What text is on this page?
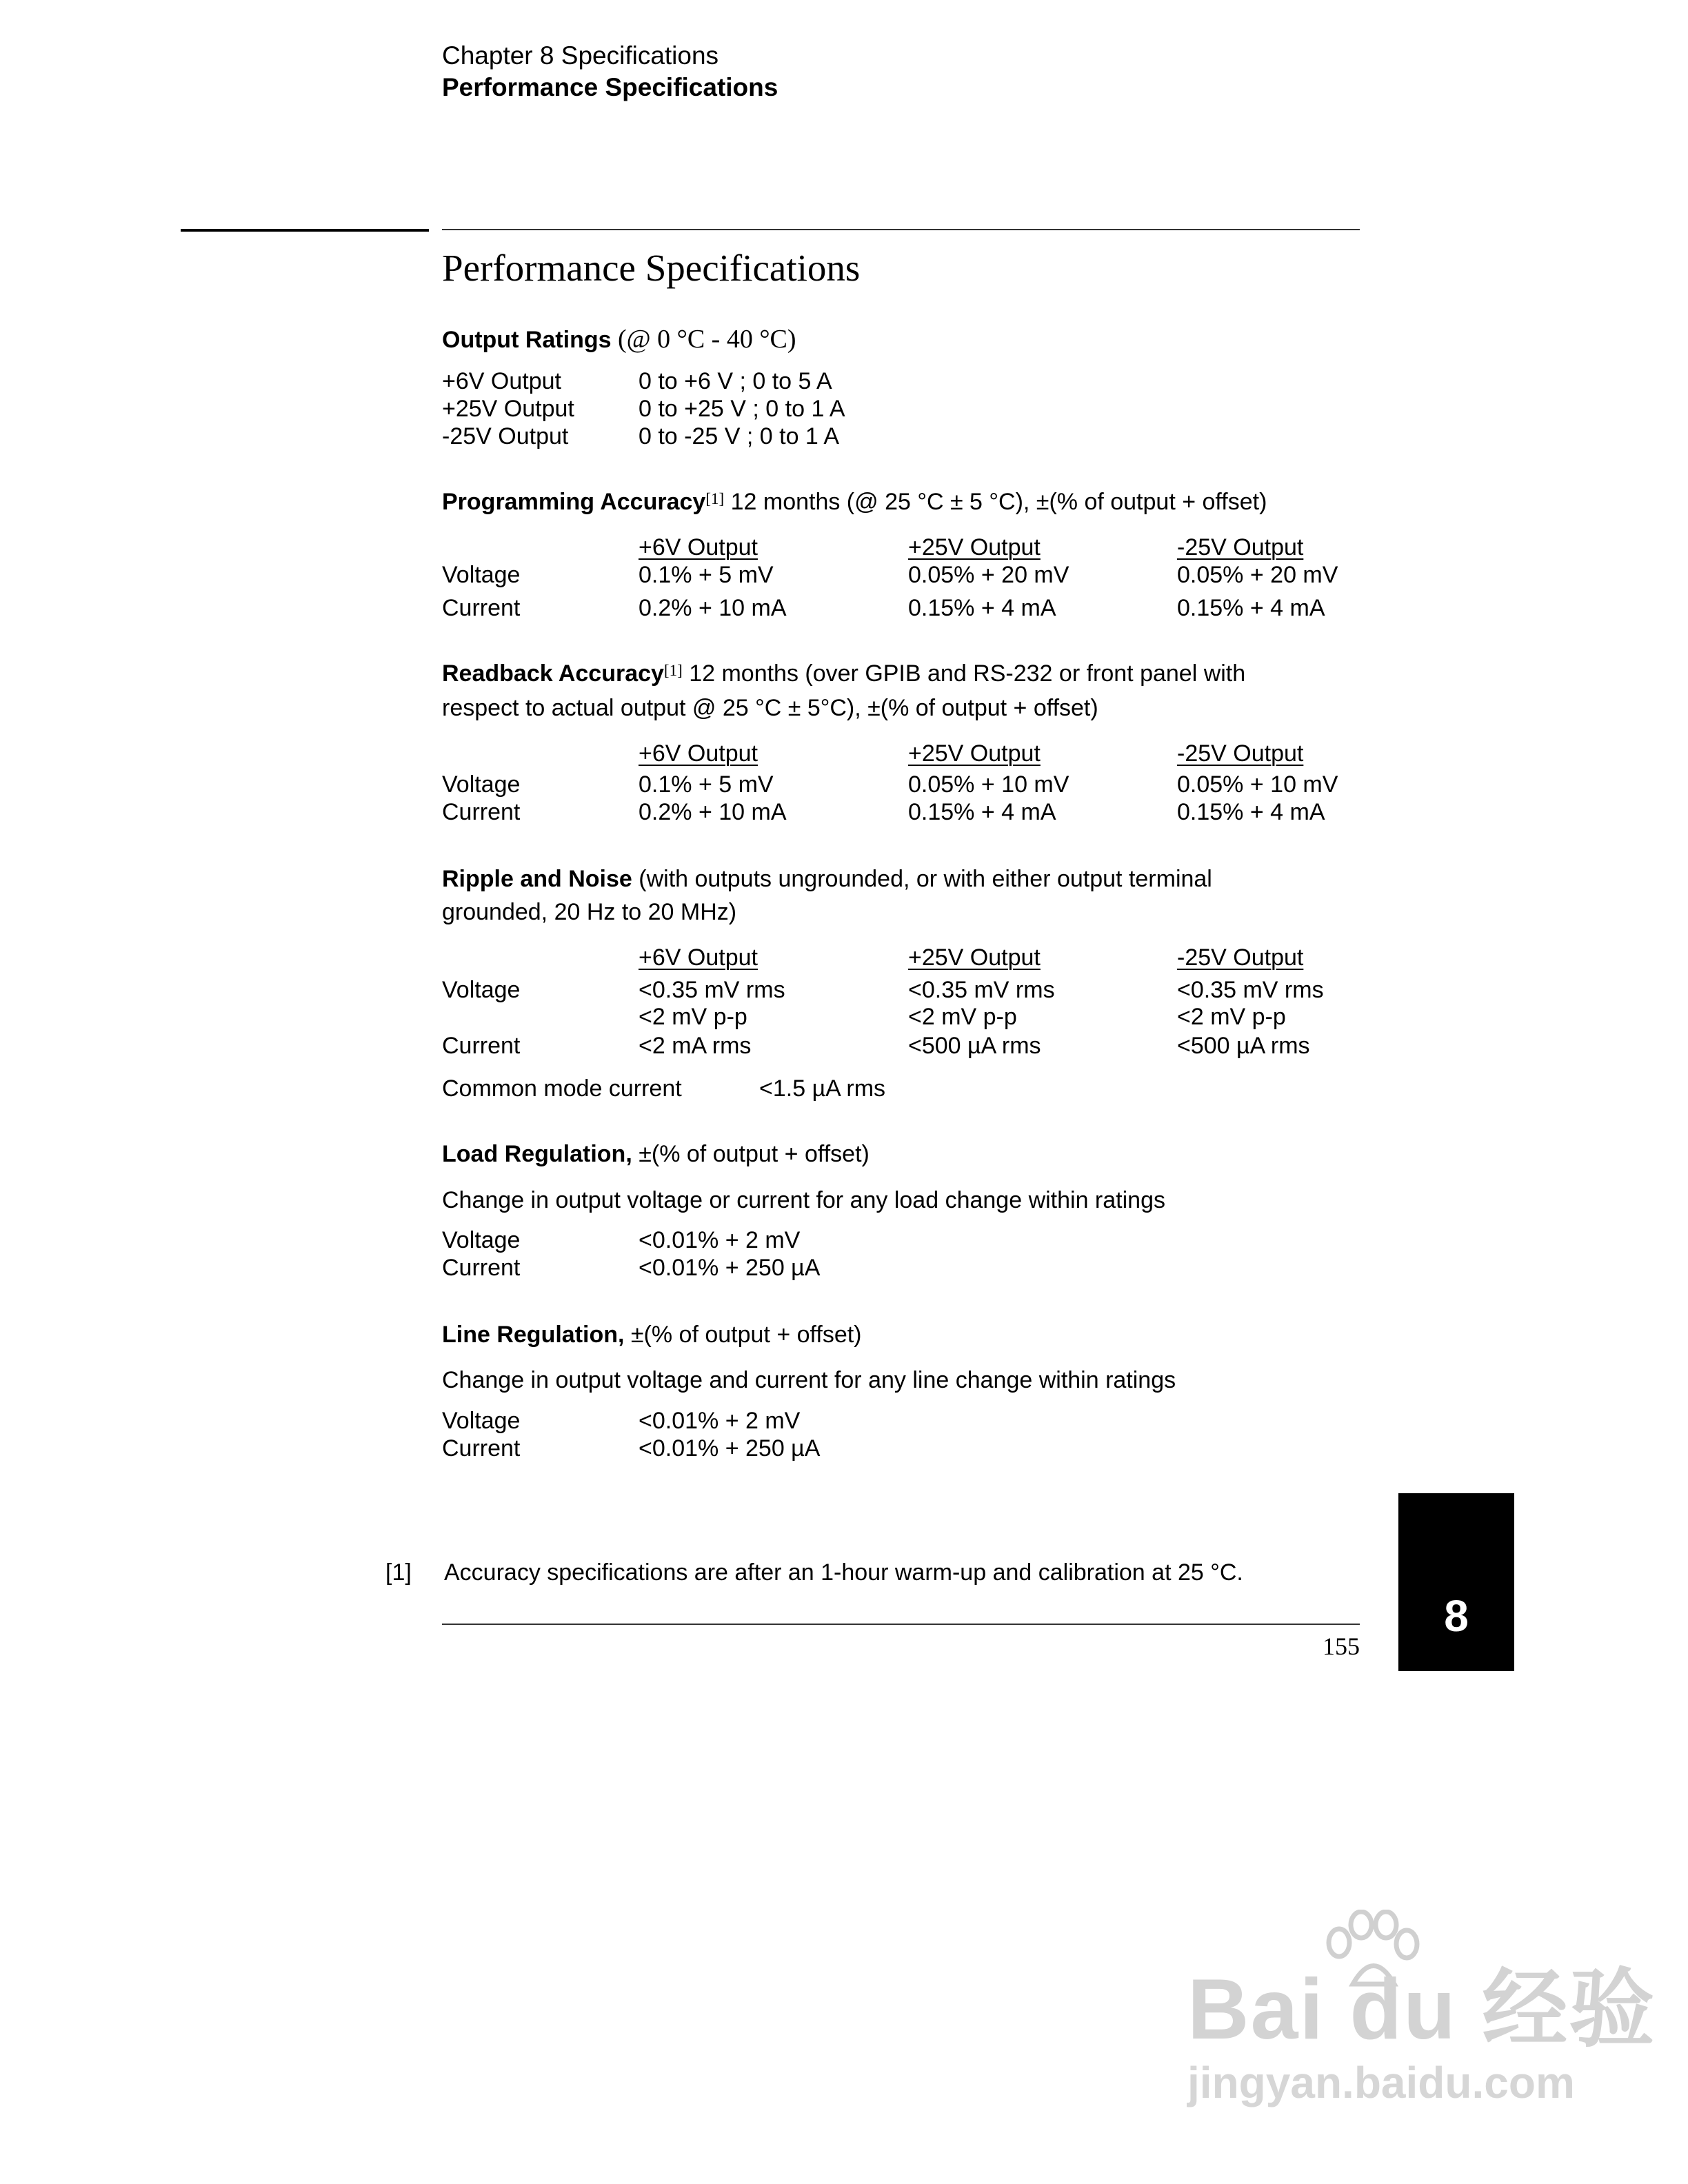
Chapter 8 Specifications
Performance Specifications
Performance Specifications
Output Ratings (@ 0 °C - 40 °C)
+6V Output	0 to +6 V ; 0 to 5 A
+25V Output	0 to +25 V ; 0 to 1 A
-25V Output	0 to -25 V ; 0 to 1 A
Programming Accuracy[1] 12 months (@ 25 °C ± 5 °C), ±(% of output + offset)
+6V Output	+25V Output	-25V Output
Voltage	0.1% + 5 mV	0.05% + 20 mV	0.05% + 20 mV
Current	0.2% + 10 mA	0.15% + 4 mA	0.15% + 4 mA
Readback Accuracy[1] 12 months (over GPIB and RS-232 or front panel with
respect to actual output @ 25 °C ± 5°C), ±(% of output + offset)
+6V Output	+25V Output	-25V Output
Voltage	0.1% + 5 mV	0.05% + 10 mV	0.05% + 10 mV
Current	0.2% + 10 mA	0.15% + 4 mA	0.15% + 4 mA
Ripple and Noise (with outputs ungrounded, or with either output terminal
grounded, 20 Hz to 20 MHz)
+6V Output	+25V Output	-25V Output
Voltage	<0.35 mV rms	<0.35 mV rms	<0.35 mV rms
<2 mV p-p	<2 mV p-p	<2 mV p-p
Current	<2 mA rms	<500 µA rms	<500 µA rms
Common mode current	<1.5 µA rms
Load Regulation, ±(% of output + offset)
Change in output voltage or current for any load change within ratings
Voltage	<0.01% + 2 mV
Current	<0.01% + 250 µA
Line Regulation, ±(% of output + offset)
Change in output voltage and current for any line change within ratings
Voltage	<0.01% + 2 mV
Current	<0.01% + 250 µA
[1] Accuracy specifications are after an 1-hour warm-up and calibration at 25 °C.
155
8
Bai du 经验
jingyan.baidu.com
